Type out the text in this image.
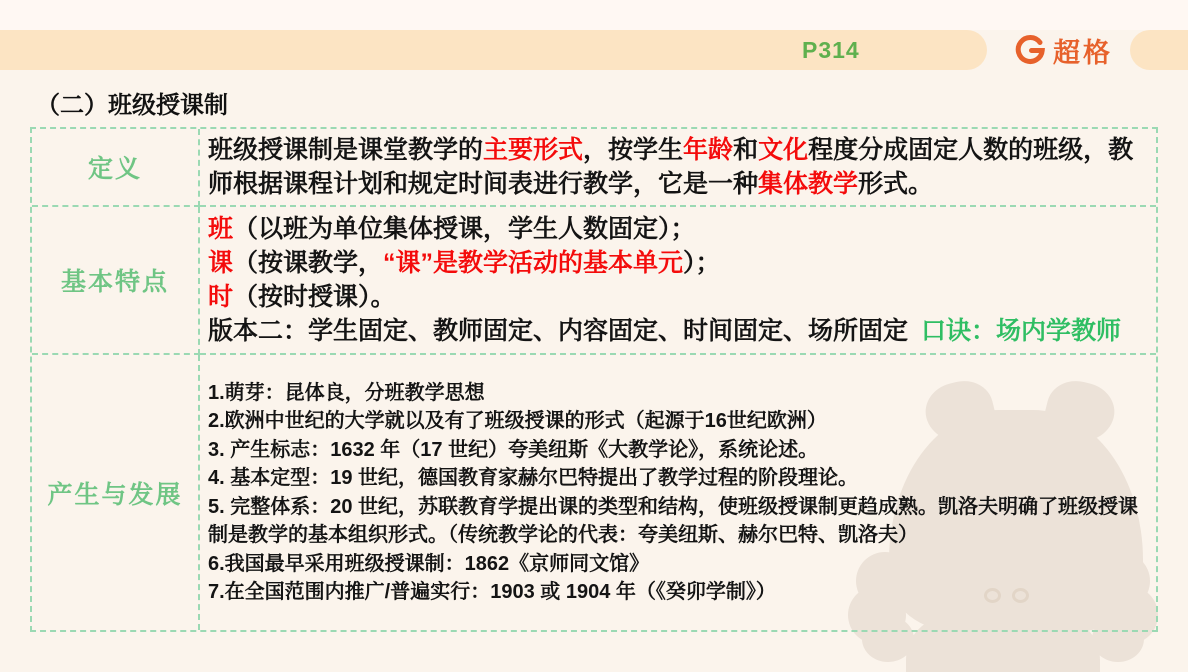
P314	超格
（二）班级授课制
定义

班级授课制是课堂教学的主要形式，按学生年龄和文化程度分成固定人数的班级，教师根据课程计划和规定时间表进行教学，它是一种集体教学形式。

基本特点

班（以班为单位集体授课，学生人数固定）；

课（按课教学，“课”是教学活动的基本单元）；

时（按时授课）。

版本二：学生固定、教师固定、内容固定、时间固定、场所固定 口诀：场内学教师

产生与发展

1.萌芽：昆体良，分班教学思想

2.欧洲中世纪的大学就以及有了班级授课的形式（起源于16世纪欧洲）

3. 产生标志：1632 年（17 世纪）夸美纽斯《大教学论》，系统论述。

4. 基本定型：19 世纪，德国教育家赫尔巴特提出了教学过程的阶段理论。

5. 完整体系：20 世纪，苏联教育学提出课的类型和结构，使班级授课制更趋成熟。凯洛夫明确了班级授课制是教学的基本组织形式。（传统教学论的代表：夸美纽斯、赫尔巴特、凯洛夫）

6.我国最早采用班级授课制：1862《京师同文馆》

7.在全国范围内推广/普遍实行：1903 或 1904 年（《癸卯学制》）
